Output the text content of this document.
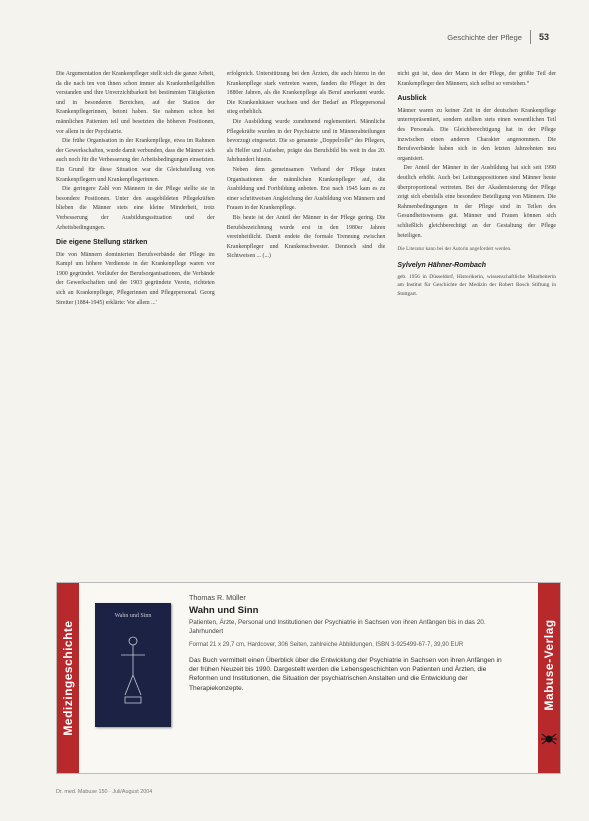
Geschichte der Pflege 53

Die Argumentation der Krankenpfleger stellt sich die ganze Arbeit, da die nach ten von ihnen schon immer als Krankenheilgehilfen verstanden und ihre Unverzichtbarkeit bei bestimmten Tätigkeiten und in besonderen Bereichen, auf der Station der Krankenpflegerinnen, betont haben. Sie nahmen schon bei männlichen Patienten teil und besetzten die höheren Positionen, vor allem in der Psychiatrie.

Die frühe Organisation in der Krankenpflege, etwa im Rahmen der Gewerkschaften, wurde damit verbunden, dass die Männer sich auch noch für die Verbesserung der Arbeitsbedingungen einsetzten. Ein Grund für diese Situation war die Gleichstellung von Krankenpflegern und Krankenpflegerinnen.

Die geringere Zahl von Männern in der Pflege stellte sie in besondere Positionen. Unter den ausgebildeten Pflegekräften blieben die Männer stets eine kleine Minderheit, trotz Verbesserung der Ausbildungssituation und der Arbeitsbedingungen.

Die eigene Stellung stärken

Die von Männern dominierten Berufsverbände der Pflege im Kampf um höhere Verdienste in der Krankenpflege waren vor 1900 gegründet. Vorläufer der Berufsorganisationen, die Verbände der Gewerkschaften und der 1903 gegründete Verein, richteten sich an Krankenpfleger, Pflegerinnen und Pflegepersonal. Georg Streiter (1884-1945) erklärte: Vor allem ...'

erfolgreich. Unterstützung bei den Ärzten, die auch hierzu in der Krankenpflege stark vertreten waren, fanden die Pfleger in den 1880er Jahren, als die Krankenpflege als Beruf anerkannt wurde. Die Krankenhäuser wuchsen und der Bedarf an Pflegepersonal stieg erheblich.

Die Ausbildung wurde zunehmend reglementiert. Männliche Pflegekräfte wurden in der Psychiatrie und in Männerabteilungen bevorzugt eingesetzt. Die so genannte „Doppelrolle“ des Pflegers, als Helfer und Aufseher, prägte das Berufsbild bis weit in das 20. Jahrhundert hinein.

Neben dem gemeinsamen Verband der Pflege traten Organisationen der männlichen Krankenpfleger auf, die Ausbildung und Fortbildung anboten. Erst nach 1945 kam es zu einer schrittweisen Angleichung der Ausbildung von Männern und Frauen in der Krankenpflege.

Bis heute ist der Anteil der Männer in der Pflege gering. Die Berufsbezeichnung wurde erst in den 1980er Jahren vereinheitlicht. Damit endete die formale Trennung zwischen Krankenpfleger und Krankenschwester. Dennoch sind die Sichtweisen ... (...)

nicht gut ist, dass der Mann in der Pflege, der größte Teil der Krankenpfleger den Männern, sich selbst so verstehen.“

Ausblick

Männer waren zu keiner Zeit in der deutschen Krankenpflege unterrepräsentiert, sondern stellten stets einen wesentlichen Teil des Personals. Die Gleichberechtigung hat in der Pflege inzwischen einen anderen Charakter angenommen. Die Berufsverbände haben sich in den letzten Jahrzehnten neu organisiert.

Der Anteil der Männer in der Ausbildung hat sich seit 1990 deutlich erhöht. Auch bei Leitungspositionen sind Männer heute überproportional vertreten. Bei der Akademisierung der Pflege zeigt sich ebenfalls eine besondere Beteiligung von Männern. Die Rahmenbedingungen in der Pflege sind in Teilen des Gesundheitswesens gut. Männer und Frauen können sich schließlich gleichberechtigt an der Gestaltung der Pflege beteiligen.

Die Literatur kann bei der Autorin angefordert werden.
Sylvelyn Hähner-Rombach
geb. 1956 in Düsseldorf, Historikerin, wissenschaftliche Mitarbeiterin am Institut für Geschichte der Medizin der Robert Bosch Stiftung in Stuttgart.
Medizingeschichte
Wahn und Sinn
Thomas R. Müller
Wahn und Sinn
Patienten, Ärzte, Personal und Institutionen der Psychiatrie in Sachsen von ihren Anfängen bis in das 20. Jahrhundert
Format 21 x 29,7 cm, Hardcover, 306 Seiten, zahlreiche Abbildungen, ISBN 3-925499-67-7, 39,90 EUR
Das Buch vermittelt einen Überblick über die Entwicklung der Psychiatrie in Sachsen von ihren Anfängen in der frühen Neuzeit bis 1990. Dargestellt werden die Lebensgeschichten von Patienten und Ärzten, die Reformen und Institutionen, die Situation der psychiatrischen Anstalten und die Entwicklung der Therapiekonzepte.	Mabuse-Verlag
Dr. med. Mabuse 150 · Juli/August 2004
